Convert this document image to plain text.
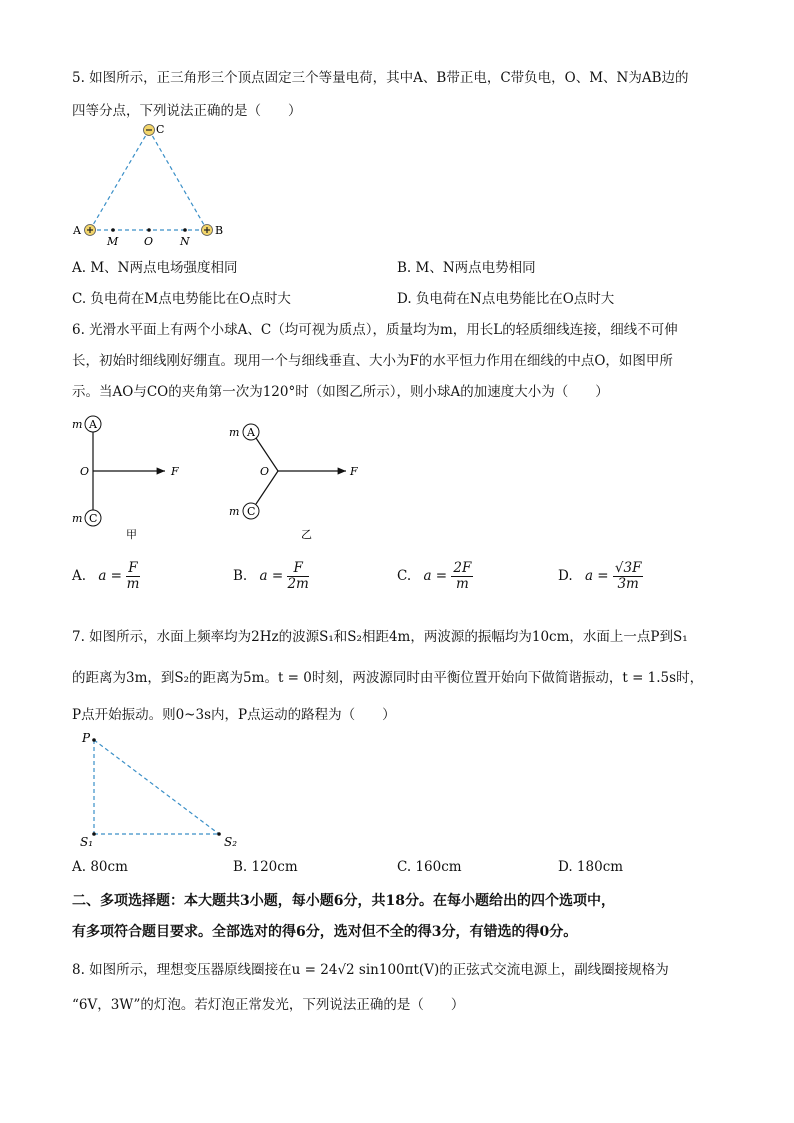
5. 如图所示，正三角形三个顶点固定三个等量电荷，其中A、B带正电，C带负电，O、M、N为AB边的
四等分点，下列说法正确的是（　　）
C
A	B
M O N
A. M、N两点电场强度相同	B. M、N两点电势相同
C. 负电荷在M点电势能比在O点时大	D. 负电荷在N点电势能比在O点时大
6. 光滑水平面上有两个小球A、C（均可视为质点），质量均为m，用长L的轻质细线连接，细线不可伸
长，初始时细线刚好绷直。现用一个与细线垂直、大小为F的水平恒力作用在细线的中点O，如图甲所
示。当AO与CO的夹角第一次为120°时（如图乙所示），则小球A的加速度大小为（　　）
A
C
m
m
O	F
甲
A
C
m
m
O	F
乙
A. $a = \frac{F}{m}$	B. $a = \frac{F}{2m}$	C. $a = \frac{2F}{m}$	D. $a = \frac{√3F}{3m}$
7. 如图所示，水面上频率均为2Hz的波源S₁和S₂相距4m，两波源的振幅均为10cm，水面上一点P到S₁
的距离为3m，到S₂的距离为5m。t = 0时刻，两波源同时由平衡位置开始向下做简谐振动，t = 1.5s时，
P点开始振动。则0~3s内，P点运动的路程为（　　）
P
S₁	S₂
A. 80cm	B. 120cm	C. 160cm	D. 180cm
二、多项选择题：本大题共3小题，每小题6分，共18分。在每小题给出的四个选项中，
有多项符合题目要求。全部选对的得6分，选对但不全的得3分，有错选的得0分。
8. 如图所示，理想变压器原线圈接在u = 24√2 sin100πt(V)的正弦式交流电源上，副线圈接规格为
“6V，3W”的灯泡。若灯泡正常发光，下列说法正确的是（　　）
